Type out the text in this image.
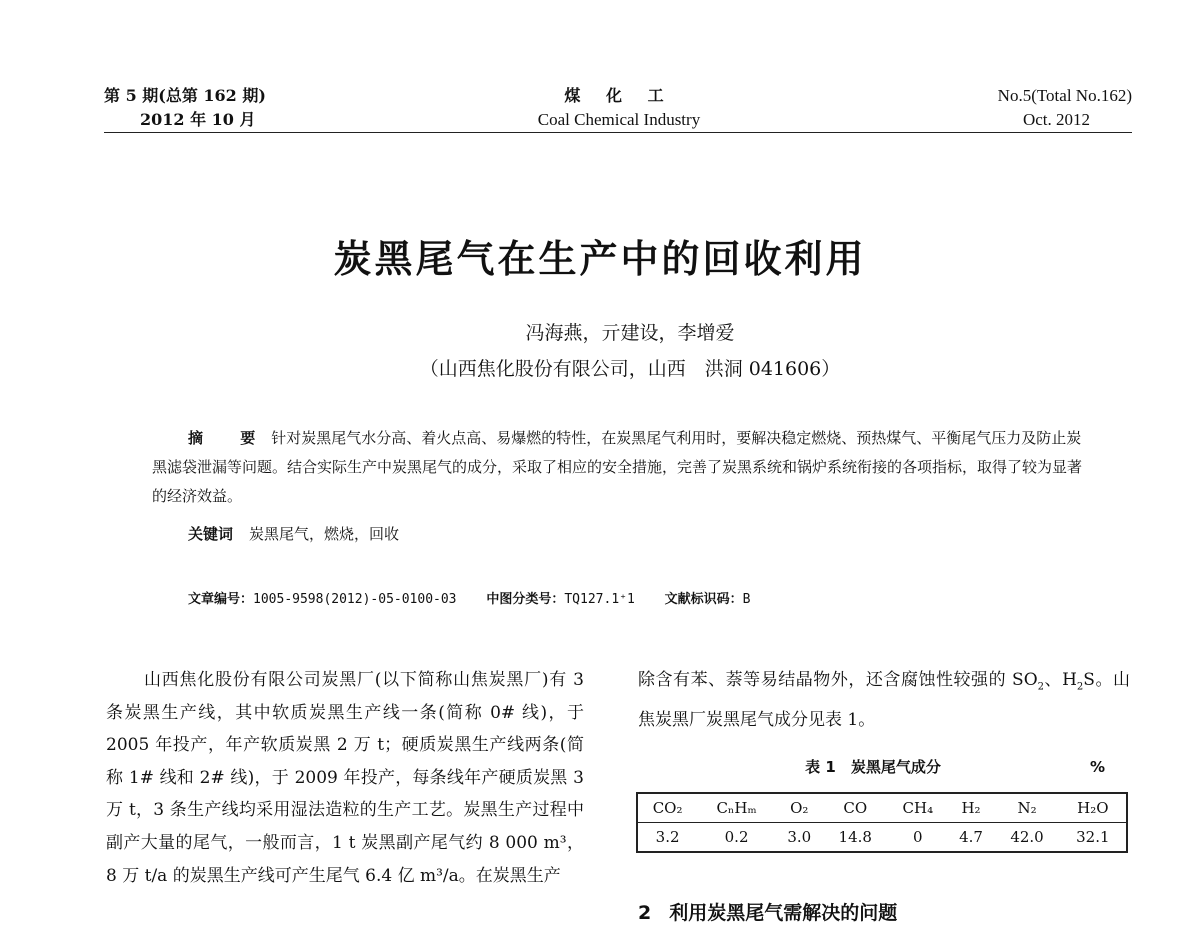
第 5 期(总第 162 期)
2012 年 10 月
煤 化 工
Coal Chemical Industry
No.5(Total No.162)
Oct. 2012
炭黑尾气在生产中的回收利用
冯海燕，亓建设，李增爱
（山西焦化股份有限公司，山西　洪洞 041606）
摘 要针对炭黑尾气水分高、着火点高、易爆燃的特性，在炭黑尾气利用时，要解决稳定燃烧、预热煤气、平衡尾气压力及防止炭黑滤袋泄漏等问题。结合实际生产中炭黑尾气的成分，采取了相应的安全措施，完善了炭黑系统和锅炉系统衔接的各项指标，取得了较为显著的经济效益。
关键词 炭黑尾气，燃烧，回收
文章编号：1005-9598(2012)-05-0100-03 中图分类号：TQ127.1⁺1 文献标识码：B
山西焦化股份有限公司炭黑厂(以下简称山焦炭黑厂)有 3 条炭黑生产线，其中软质炭黑生产线一条(简称 0# 线)，于 2005 年投产，年产软质炭黑 2 万 t；硬质炭黑生产线两条(简称 1# 线和 2# 线)，于 2009 年投产，每条线年产硬质炭黑 3 万 t，3 条生产线均采用湿法造粒的生产工艺。炭黑生产过程中副产大量的尾气，一般而言，1 t 炭黑副产尾气约 8 000 m³，8 万 t/a 的炭黑生产线可产生尾气 6.4 亿 m³/a。在炭黑生产
除含有苯、萘等易结晶物外，还含腐蚀性较强的 $SO_2$、$H_2S$。山焦炭黑厂炭黑尾气成分见表 1。
表 1　炭黑尾气成分	%
CO₂	CₙHₘ	O₂	CO	CH₄	H₂	N₂	H₂O
3.2	0.2	3.0	14.8	0	4.7	42.0	32.1
2 利用炭黑尾气需解决的问题
